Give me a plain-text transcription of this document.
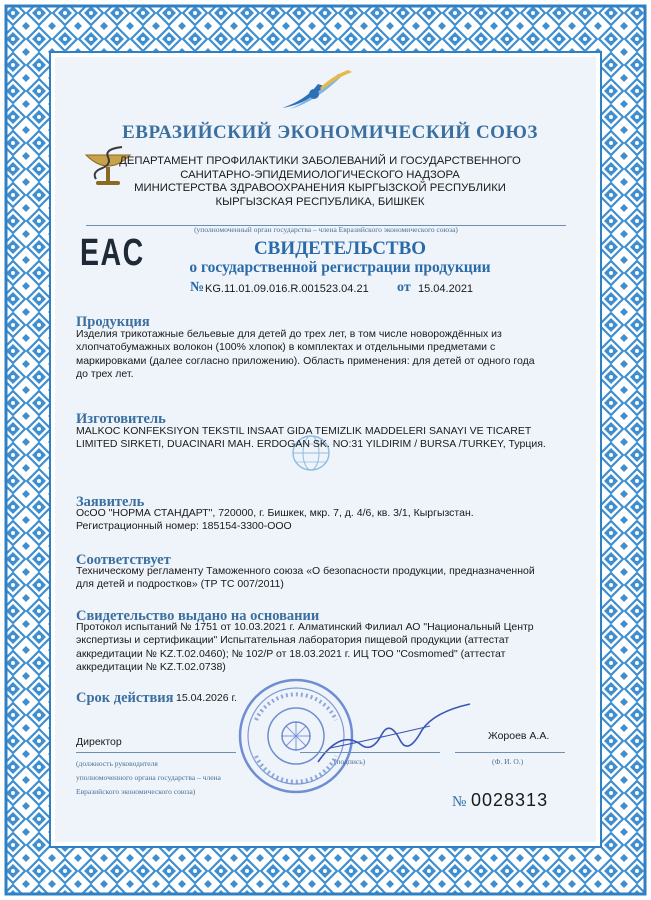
ЕВРАЗИЙСКИЙ ЭКОНОМИЧЕСКИЙ СОЮЗ
ДЕПАРТАМЕНТ ПРОФИЛАКТИКИ ЗАБОЛЕВАНИЙ И ГОСУДАРСТВЕННОГО
САНИТАРНО-ЭПИДЕМИОЛОГИЧЕСКОГО НАДЗОРА
МИНИСТЕРСТВА ЗДРАВООХРАНЕНИЯ КЫРГЫЗСКОЙ РЕСПУБЛИКИ
КЫРГЫЗСКАЯ РЕСПУБЛИКА, БИШКЕК
(уполномоченный орган государства – члена Евразийского экономического союза)
EAC	СВИДЕТЕЛЬСТВО
о государственной регистрации продукции
№ KG.11.01.09.016.R.001523.04.21 от 15.04.2021
Продукция
Изделия трикотажные бельевые для детей до трех лет, в том числе новорождённых из
хлопчатобумажных волокон (100% хлопок) в комплектах и отдельными предметами с
маркировками (далее согласно приложению). Область применения: для детей от одного года
до трех лет.
Изготовитель
MALKOC KONFEKSIYON TEKSTIL INSAAT GIDA TEMIZLIK MADDELERI SANAYI VE TICARET
LIMITED SIRKETI, DUACINARI MAH. ERDOGAN SK. NO:31 YILDIRIM / BURSA /TURKEY, Турция.
Заявитель
ОсОО "НОРМА СТАНДАРТ", 720000, г. Бишкек, мкр. 7, д. 4/6, кв. 3/1, Кыргызстан.
Регистрационный номер: 185154-3300-ООО
Соответствует
Техническому регламенту Таможенного союза «О безопасности продукции, предназначенной
для детей и подростков» (ТР ТС 007/2011)
Свидетельство выдано на основании
Протокол испытаний № 1751 от 10.03.2021 г. Алматинский Филиал АО "Национальный Центр
экспертизы и сертификации" Испытательная лаборатория пищевой продукции (аттестат
аккредитации № KZ.T.02.0460); № 102/P от 18.03.2021 г. ИЦ ТОО "Cosmomed" (аттестат
аккредитации № KZ.T.02.0738)
Срок действия 15.04.2026 г.
Директор	Жороев А.А.
(должность руководителя
уполномоченного органа государства – члена
Евразийского экономического союза)
(подпись)	(Ф. И. О.)
№ 0028313
